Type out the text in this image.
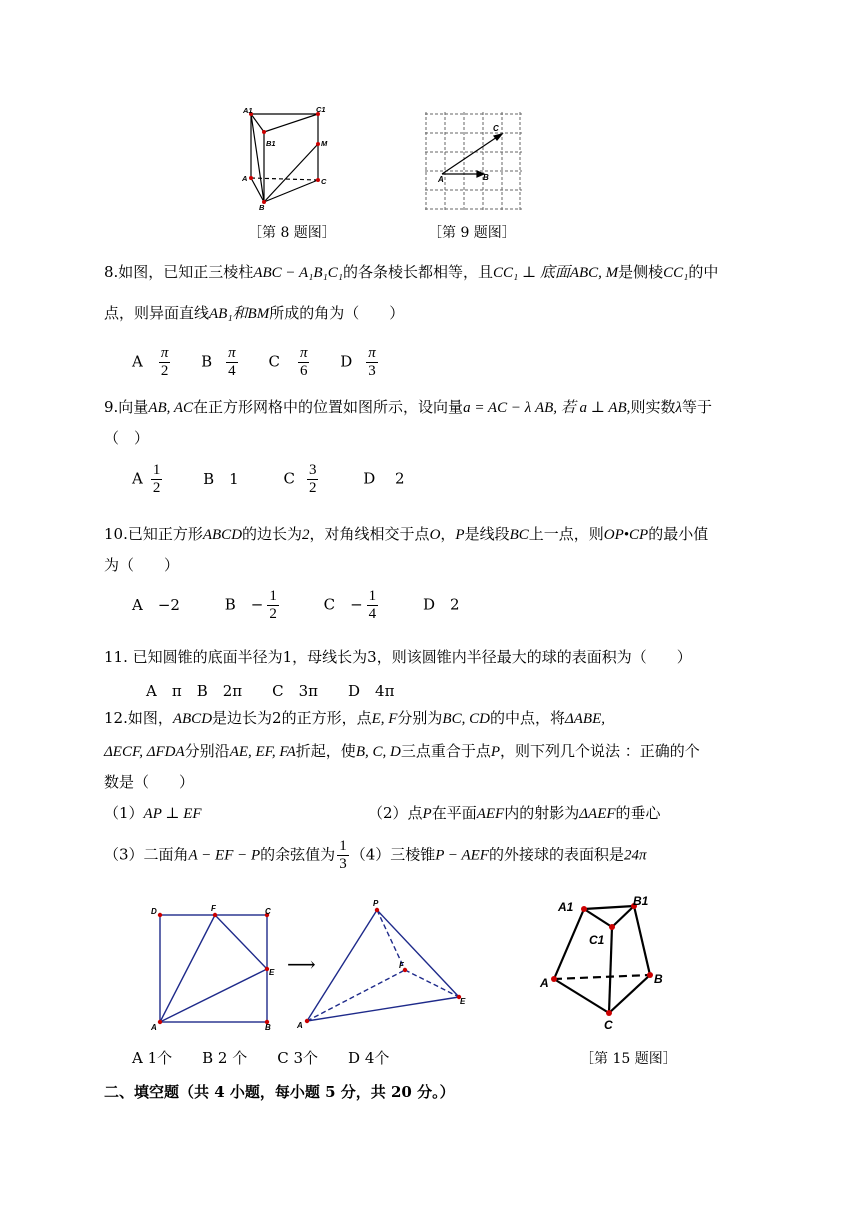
A1	C1
B1	M
A	C
B
C
A	B
［第 8 题图］	［第 9 题图］
8.如图，已知正三棱柱ABC − A₁B₁C₁的各条棱长都相等，且CC₁ ⊥ 底面ABC, M是侧棱CC₁的中
点，则异面直线AB₁和BM所成的角为（　　）
A $\frac{\pi}{2}$ B $\frac{\pi}{4}$ C $\frac{\pi}{6}$ D $\frac{\pi}{3}$
9.向量AB, AC在正方形网格中的位置如图所示，设向量a = AC − λ AB, 若 a ⊥ AB,则实数λ等于
（　）
A $\frac{1}{2}$	B　1	C $\frac{3}{2}$	D　 2
10.已知正方形ABCD的边长为2，对角线相交于点O，P是线段BC上一点，则OP•CP的最小值
为（　　）
A　−2	B　− $\frac{1}{2}$	C　− $\frac{1}{4}$	D　2
11. 已知圆锥的底面半径为1，母线长为3，则该圆锥内半径最大的球的表面积为（　　）
A　π　B　2π　　C　3π　　D　4π
12.如图，ABCD是边长为2的正方形，点E, F分别为BC, CD的中点，将ΔABE,
ΔECF, ΔFDA分别沿AE, EF, FA折起，使B, C, D三点重合于点P，则下列几个说法 ：正确的个
数是（　　）
（1）AP ⊥ EF	（2）点P在平面AEF内的射影为ΔAEF的垂心
（3）二面角A − EF − P的余弦值为 $\frac{1}{3} (4)$三棱锥P − AEF的外接球的表面积是24π
D	F	C
E
A	B
⟶
P
F
E
A
A1	B1
C1
A	B
C
A 1个　　B 2 个　　C 3个　　D 4个	［第 15 题图］
二、填空题（共 4 小题，每小题 5 分，共 20 分。）
